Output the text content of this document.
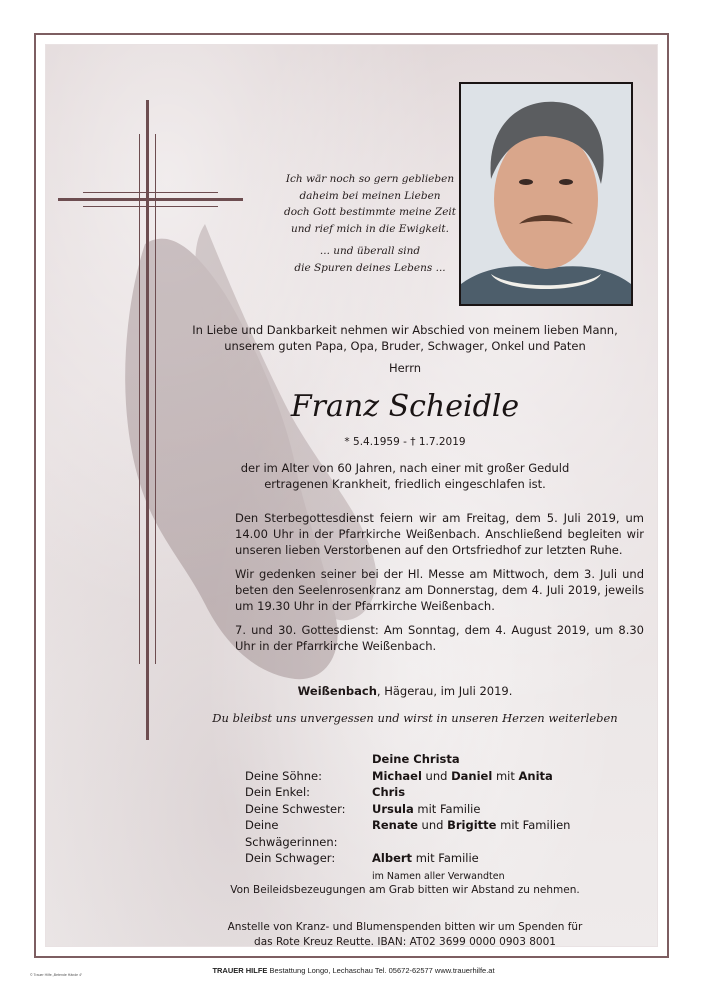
Ich wär noch so gern geblieben
daheim bei meinen Lieben
doch Gott bestimmte meine Zeit
und rief mich in die Ewigkeit.

... und überall sind
die Spuren deines Lebens ...

In Liebe und Dankbarkeit nehmen wir Abschied von meinem lieben Mann,
unserem guten Papa, Opa, Bruder, Schwager, Onkel und Paten
Herrn
Franz Scheidle
* 5.4.1959 - † 1.7.2019
der im Alter von 60 Jahren, nach einer mit großer Geduld
ertragenen Krankheit, friedlich eingeschlafen ist.
Den Sterbegottesdienst feiern wir am Freitag, dem 5. Juli 2019, um 14.00 Uhr in der Pfarrkirche Weißenbach. Anschließend begleiten wir unseren lieben Verstorbenen auf den Ortsfriedhof zur letzten Ruhe.
Wir gedenken seiner bei der Hl. Messe am Mittwoch, dem 3. Juli und beten den Seelenrosenkranz am Donnerstag, dem 4. Juli 2019, jeweils um 19.30 Uhr in der Pfarrkirche Weißenbach.
7. und 30. Gottesdienst: Am Sonntag, dem 4. August 2019, um 8.30 Uhr in der Pfarrkirche Weißenbach.
Weißenbach, Hägerau, im Juli 2019.
Du bleibst uns unvergessen und wirst in unseren Herzen weiterleben
Deine Christa
Deine Söhne:	Michael und Daniel mit Anita
Dein Enkel:	Chris
Deine Schwester:	Ursula mit Familie
Deine Schwägerinnen:
Renate und Brigitte mit Familien
Dein Schwager:	Albert mit Familie
im Namen aller Verwandten
Von Beileidsbezeugungen am Grab bitten wir Abstand zu nehmen.
Anstelle von Kranz- und Blumenspenden bitten wir um Spenden für
das Rote Kreuz Reutte. IBAN: AT02 3699 0000 0903 8001
© Trauer Hilfe „Betende Hände 4“	TRAUER HILFE Bestattung Longo, Lechaschau Tel. 05672-62577 www.trauerhilfe.at
